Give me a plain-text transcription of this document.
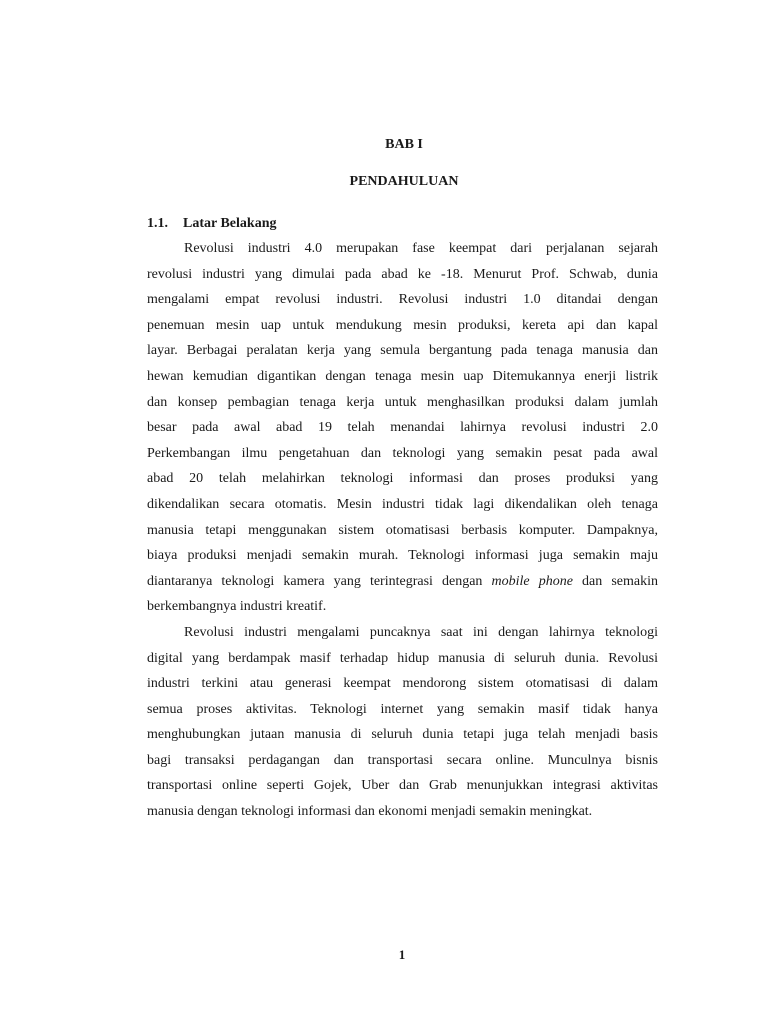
BAB I
PENDAHULUAN
1.1. Latar Belakang
Revolusi industri 4.0 merupakan fase keempat dari perjalanan sejarah
revolusi industri yang dimulai pada abad ke -18. Menurut Prof. Schwab, dunia
mengalami empat revolusi industri. Revolusi industri 1.0 ditandai dengan
penemuan mesin uap untuk mendukung mesin produksi, kereta api dan kapal
layar. Berbagai peralatan kerja yang semula bergantung pada tenaga manusia dan
hewan kemudian digantikan dengan tenaga mesin uap Ditemukannya enerji listrik
dan konsep pembagian tenaga kerja untuk menghasilkan produksi dalam jumlah
besar pada awal abad 19 telah menandai lahirnya revolusi industri 2.0
Perkembangan ilmu pengetahuan dan teknologi yang semakin pesat pada awal
abad 20 telah melahirkan teknologi informasi dan proses produksi yang
dikendalikan secara otomatis. Mesin industri tidak lagi dikendalikan oleh tenaga
manusia tetapi menggunakan sistem otomatisasi berbasis komputer. Dampaknya,
biaya produksi menjadi semakin murah. Teknologi informasi juga semakin maju
diantaranya teknologi kamera yang terintegrasi dengan mobile phone dan semakin
berkembangnya industri kreatif.
Revolusi industri mengalami puncaknya saat ini dengan lahirnya teknologi
digital yang berdampak masif terhadap hidup manusia di seluruh dunia. Revolusi
industri terkini atau generasi keempat mendorong sistem otomatisasi di dalam
semua proses aktivitas. Teknologi internet yang semakin masif tidak hanya
menghubungkan jutaan manusia di seluruh dunia tetapi juga telah menjadi basis
bagi transaksi perdagangan dan transportasi secara online. Munculnya bisnis
transportasi online seperti Gojek, Uber dan Grab menunjukkan integrasi aktivitas
manusia dengan teknologi informasi dan ekonomi menjadi semakin meningkat.
1
